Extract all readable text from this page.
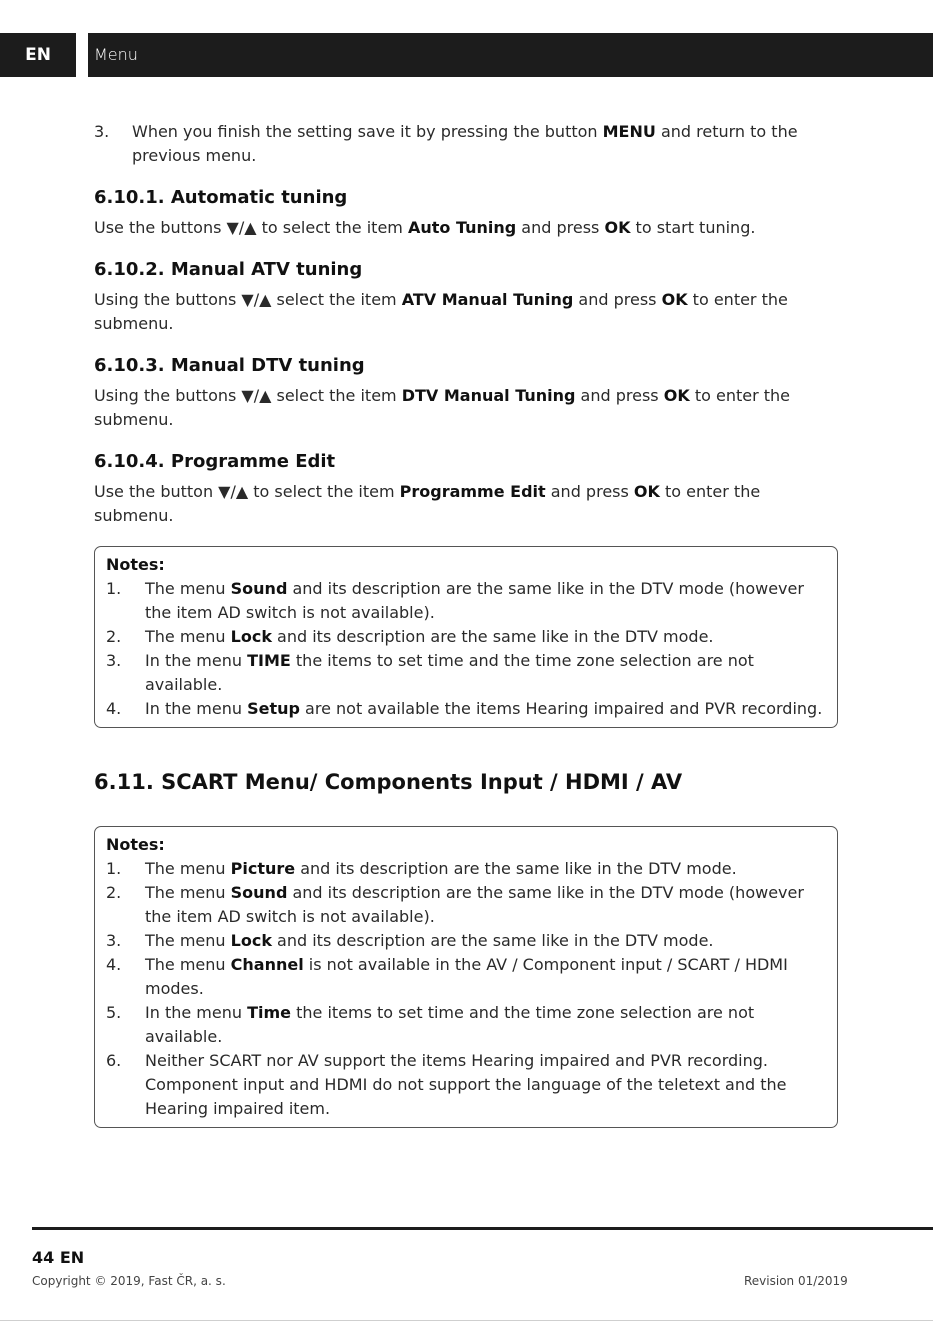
EN	Menu
3.	When you finish the setting save it by pressing the button MENU and return to the previous menu.
6.10.1. Automatic tuning

Use the buttons ▼/▲ to select the item Auto Tuning and press OK to start tuning.

6.10.2. Manual ATV tuning

Using the buttons ▼/▲ select the item ATV Manual Tuning and press OK to enter the submenu.

6.10.3. Manual DTV tuning

Using the buttons ▼/▲ select the item DTV Manual Tuning and press OK to enter the submenu.

6.10.4. Programme Edit

Use the button ▼/▲ to select the item Programme Edit and press OK to enter the submenu.

Notes:
1.	The menu Sound and its description are the same like in the DTV mode (however the item AD switch is not available).
2.	The menu Lock and its description are the same like in the DTV mode.
3.	In the menu TIME the items to set time and the time zone selection are not available.
4.	In the menu Setup are not available the items Hearing impaired and PVR recording.
6.11. SCART Menu/ Components Input / HDMI / AV
Notes:
1.	The menu Picture and its description are the same like in the DTV mode.
2.	The menu Sound and its description are the same like in the DTV mode (however the item AD switch is not available).
3.	The menu Lock and its description are the same like in the DTV mode.
4.	The menu Channel is not available in the AV / Component input / SCART / HDMI modes.
5.	In the menu Time the items to set time and the time zone selection are not available.
6.	Neither SCART nor AV support the items Hearing impaired and PVR recording. Component input and HDMI do not support the language of the teletext and the Hearing impaired item.
44 EN
Copyright © 2019, Fast ČR, a. s.	Revision 01/2019
